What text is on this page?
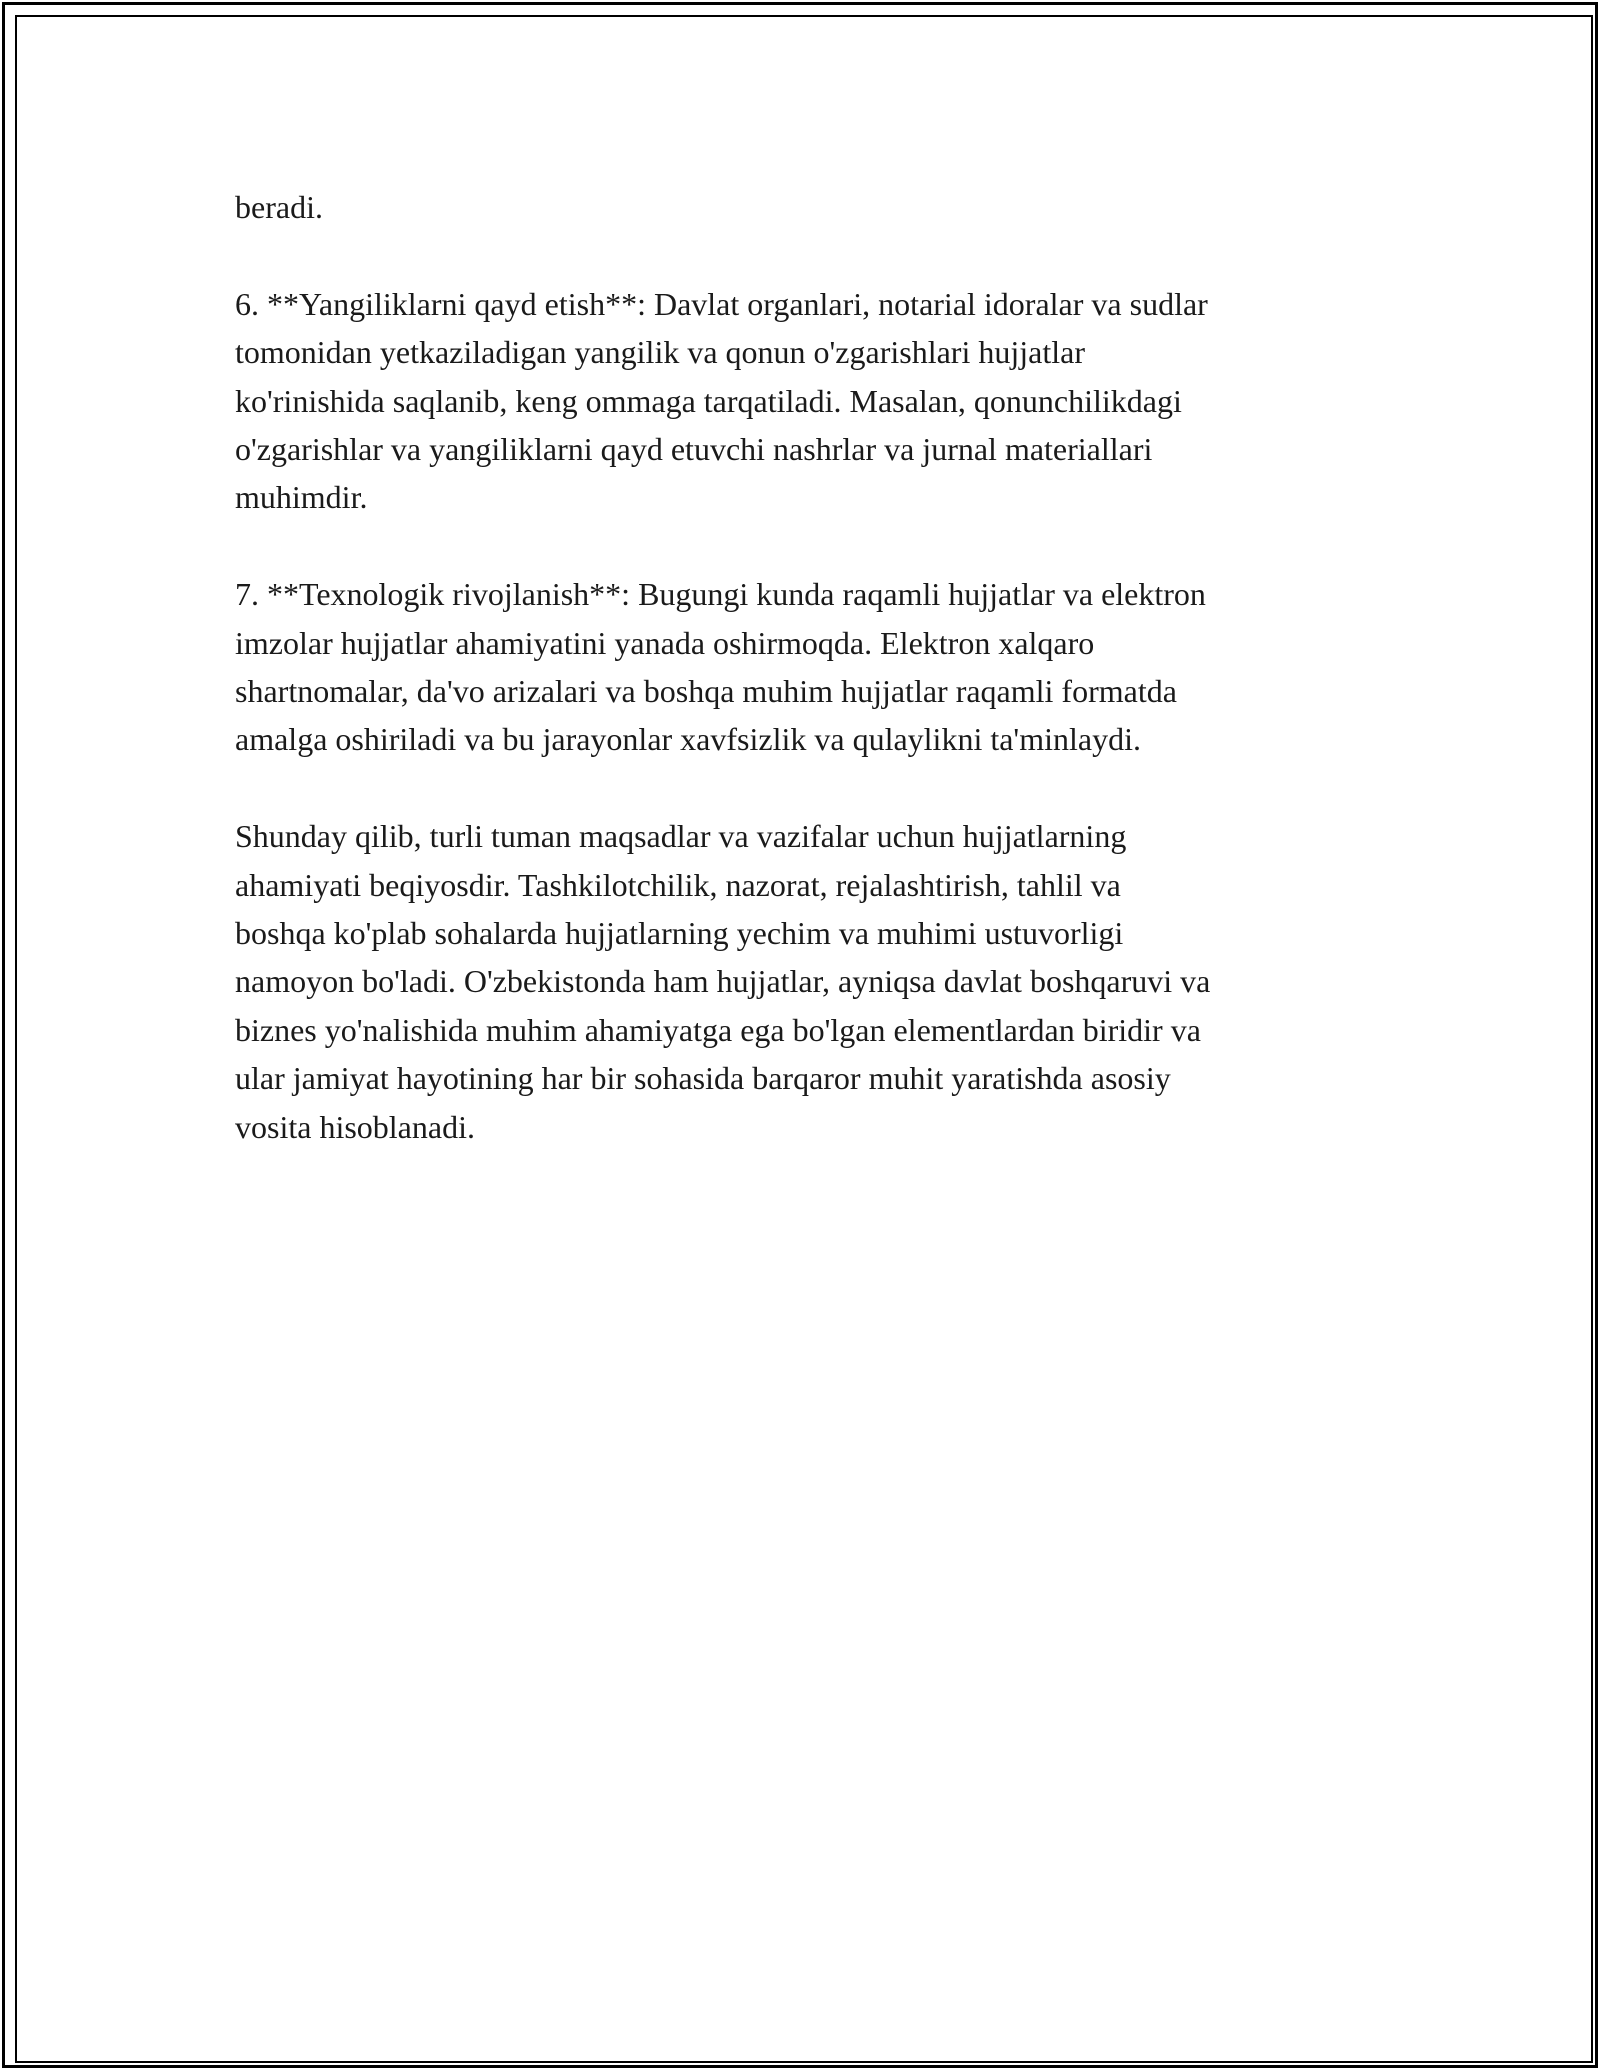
beradi.

6. **Yangiliklarni qayd etish**: Davlat organlari, notarial idoralar va sudlar
tomonidan yetkaziladigan yangilik va qonun o'zgarishlari hujjatlar
ko'rinishida saqlanib, keng ommaga tarqatiladi. Masalan, qonunchilikdagi
o'zgarishlar va yangiliklarni qayd etuvchi nashrlar va jurnal materiallari
muhimdir.

7. **Texnologik rivojlanish**: Bugungi kunda raqamli hujjatlar va elektron
imzolar hujjatlar ahamiyatini yanada oshirmoqda. Elektron xalqaro
shartnomalar, da'vo arizalari va boshqa muhim hujjatlar raqamli formatda
amalga oshiriladi va bu jarayonlar xavfsizlik va qulaylikni ta'minlaydi.

Shunday qilib, turli tuman maqsadlar va vazifalar uchun hujjatlarning
ahamiyati beqiyosdir. Tashkilotchilik, nazorat, rejalashtirish, tahlil va
boshqa ko'plab sohalarda hujjatlarning yechim va muhimi ustuvorligi
namoyon bo'ladi. O'zbekistonda ham hujjatlar, ayniqsa davlat boshqaruvi va
biznes yo'nalishida muhim ahamiyatga ega bo'lgan elementlardan biridir va
ular jamiyat hayotining har bir sohasida barqaror muhit yaratishda asosiy
vosita hisoblanadi.
